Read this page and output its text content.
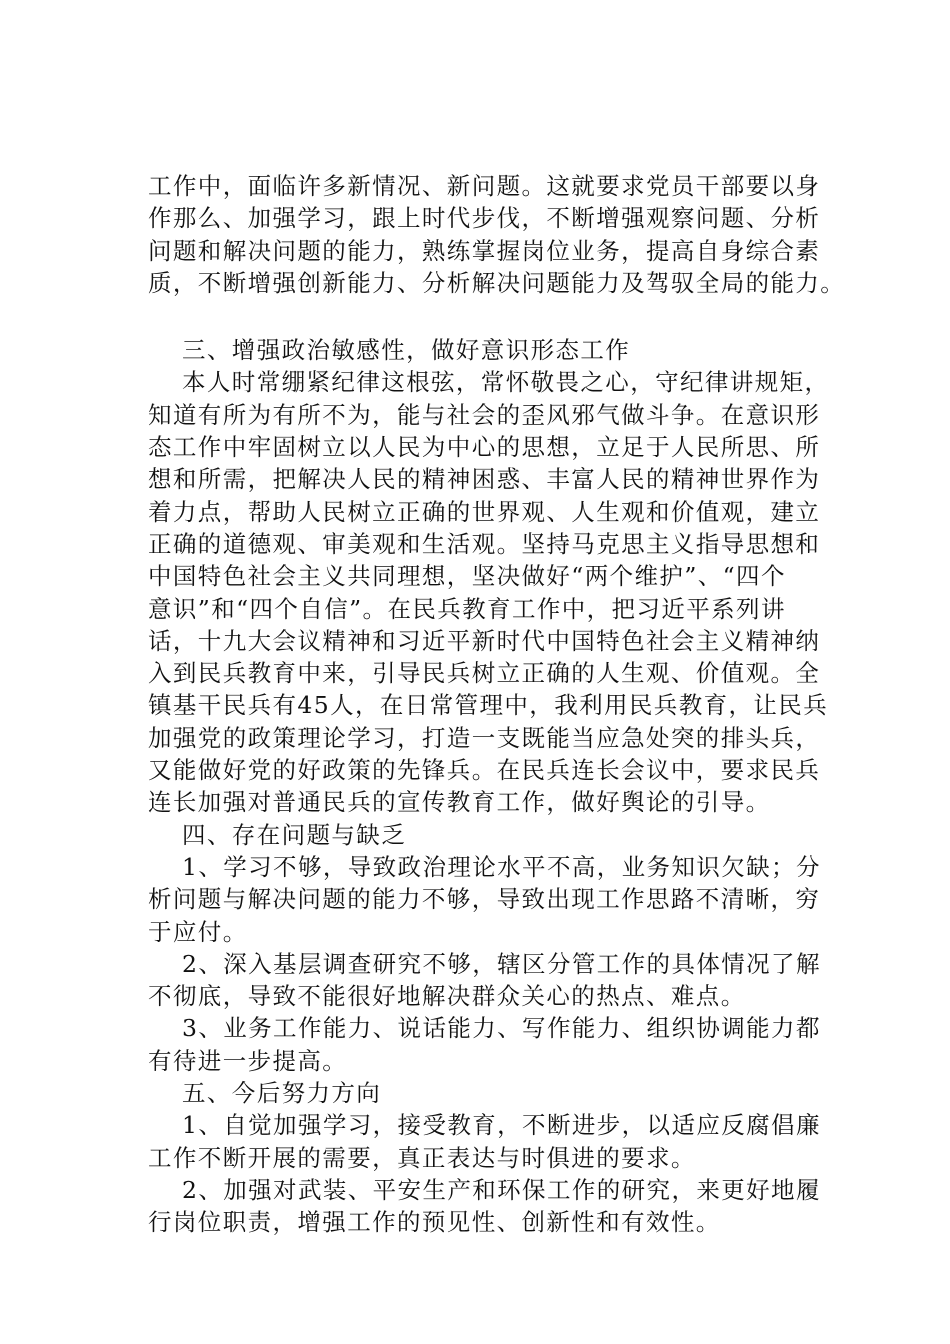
工作中，面临许多新情况、新问题。这就要求党员干部要以身
作那么、加强学习，跟上时代步伐，不断增强观察问题、分析
问题和解决问题的能力，熟练掌握岗位业务，提高自身综合素
质，不断增强创新能力、分析解决问题能力及驾驭全局的能力。
三、增强政治敏感性，做好意识形态工作
本人时常绷紧纪律这根弦，常怀敬畏之心，守纪律讲规矩，
知道有所为有所不为，能与社会的歪风邪气做斗争。在意识形
态工作中牢固树立以人民为中心的思想，立足于人民所思、所
想和所需，把解决人民的精神困惑、丰富人民的精神世界作为
着力点，帮助人民树立正确的世界观、人生观和价值观，建立
正确的道德观、审美观和生活观。坚持马克思主义指导思想和
中国特色社会主义共同理想，坚决做好“两个维护”、“四个
意识”和“四个自信”。在民兵教育工作中，把习近平系列讲
话，十九大会议精神和习近平新时代中国特色社会主义精神纳
入到民兵教育中来，引导民兵树立正确的人生观、价值观。全
镇基干民兵有45人，在日常管理中，我利用民兵教育，让民兵
加强党的政策理论学习，打造一支既能当应急处突的排头兵，
又能做好党的好政策的先锋兵。在民兵连长会议中，要求民兵
连长加强对普通民兵的宣传教育工作，做好舆论的引导。
四、存在问题与缺乏
1、学习不够，导致政治理论水平不高，业务知识欠缺；分
析问题与解决问题的能力不够，导致出现工作思路不清晰，穷
于应付。
2、深入基层调查研究不够，辖区分管工作的具体情况了解
不彻底，导致不能很好地解决群众关心的热点、难点。
3、业务工作能力、说话能力、写作能力、组织协调能力都
有待进一步提高。
五、今后努力方向
1、自觉加强学习，接受教育，不断进步，以适应反腐倡廉
工作不断开展的需要，真正表达与时俱进的要求。
2、加强对武装、平安生产和环保工作的研究，来更好地履
行岗位职责，增强工作的预见性、创新性和有效性。
